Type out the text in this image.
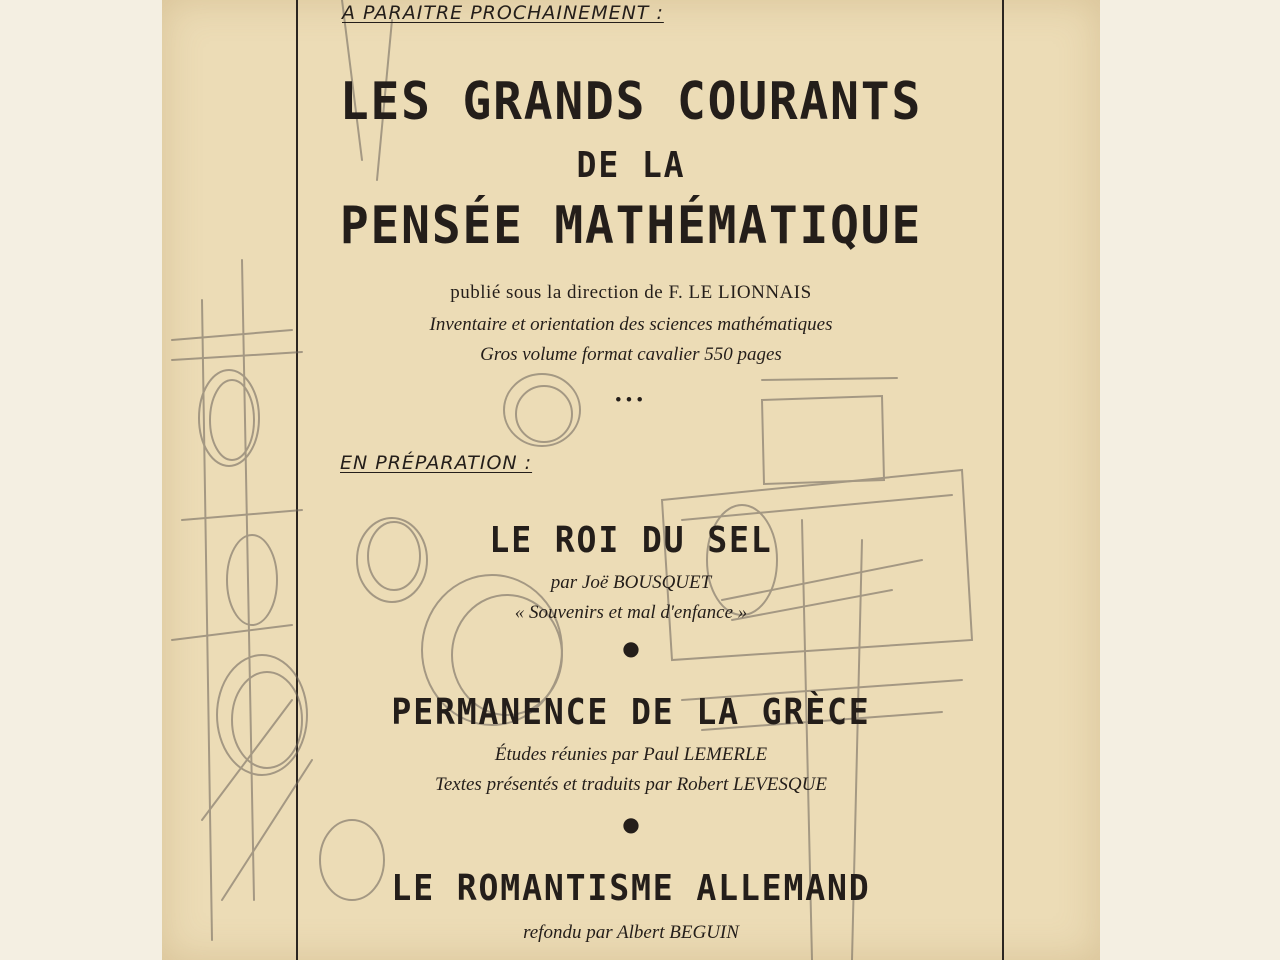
A PARAITRE PROCHAINEMENT :
LES GRANDS COURANTS
DE LA
PENSÉE MATHÉMATIQUE
publié sous la direction de F. LE LIONNAIS
Inventaire et orientation des sciences mathématiques
Gros volume format cavalier 550 pages
•••
EN PRÉPARATION :
LE ROI DU SEL
par Joë BOUSQUET
« Souvenirs et mal d'enfance »
●
PERMANENCE DE LA GRÈCE
Études réunies par Paul LEMERLE
Textes présentés et traduits par Robert LEVESQUE
●
LE ROMANTISME ALLEMAND
refondu par Albert BEGUIN
